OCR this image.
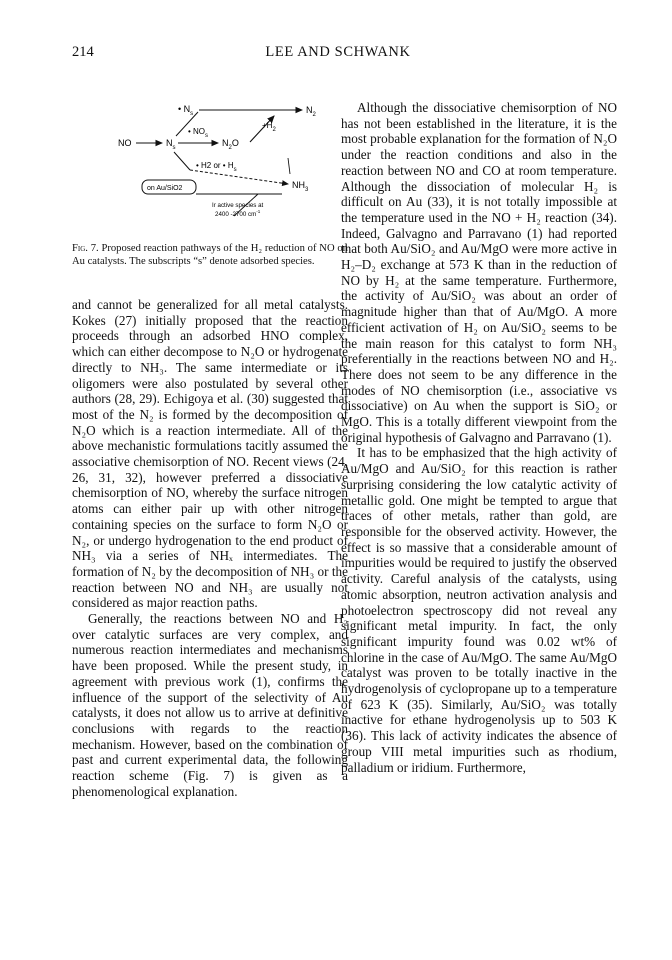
214	LEE AND SCHWANK
• $N_s$	$N_2$
NO	$N_s$
• $NO_s$
$N_2O$
$+H_2$
• H2 or • $H_s$
$NH_3$
on Au/SiO2
Ir active species at
2400 -2700 $cm^{-1}$
Fig. 7. Proposed reaction pathways of the H₂ reduction of NO on Au catalysts. The subscripts “s” denote adsorbed species.

and cannot be generalized for all metal catalysts. Kokes (27) initially proposed that the reaction proceeds through an adsorbed HNO complex, which can either decompose to N₂O or hydrogenate directly to NH₃. The same intermediate or its oligomers were also postulated by several other authors (28, 29). Echigoya et al. (30) suggested that most of the N₂ is formed by the decomposition of N₂O which is a reaction intermediate. All of the above mechanistic formulations tacitly assumed the associative chemisorption of NO. Recent views (24, 26, 31, 32), however preferred a dissociative chemisorption of NO, whereby the surface nitrogen atoms can either pair up with other nitrogen containing species on the surface to form N₂O or N₂, or undergo hydrogenation to the end product of NH₃ via a series of NHₓ intermediates. The formation of N₂ by the decomposition of NH₃ or the reaction between NO and NH₃ are usually not considered as major reaction paths.

Generally, the reactions between NO and H₂ over catalytic surfaces are very complex, and numerous reaction intermediates and mechanisms have been proposed. While the present study, in agreement with previous work (1), confirms the influence of the support of the selectivity of Au catalysts, it does not allow us to arrive at definitive conclusions with regards to the reaction mechanism. However, based on the combination of past and current experimental data, the following reaction scheme (Fig. 7) is given as a phenomenological explanation.

Although the dissociative chemisorption of NO has not been established in the literature, it is the most probable explanation for the formation of N₂O under the reaction conditions and also in the reaction between NO and CO at room temperature. Although the dissociation of molecular H₂ is difficult on Au (33), it is not totally impossible at the temperature used in the NO + H₂ reaction (34). Indeed, Galvagno and Parravano (1) had reported that both Au/SiO₂ and Au/MgO were more active in H₂–D₂ exchange at 573 K than in the reduction of NO by H₂ at the same temperature. Furthermore, the activity of Au/SiO₂ was about an order of magnitude higher than that of Au/MgO. A more efficient activation of H₂ on Au/SiO₂ seems to be the main reason for this catalyst to form NH₃ preferentially in the reactions between NO and H₂. There does not seem to be any difference in the modes of NO chemisorption (i.e., associative vs dissociative) on Au when the support is SiO₂ or MgO. This is a totally different viewpoint from the original hypothesis of Galvagno and Parravano (1).

It has to be emphasized that the high activity of Au/MgO and Au/SiO₂ for this reaction is rather surprising considering the low catalytic activity of metallic gold. One might be tempted to argue that traces of other metals, rather than gold, are responsible for the observed activity. However, the effect is so massive that a considerable amount of impurities would be required to justify the observed activity. Careful analysis of the catalysts, using atomic absorption, neutron activation analysis and photoelectron spectroscopy did not reveal any significant metal impurity. In fact, the only significant impurity found was 0.02 wt% of chlorine in the case of Au/MgO. The same Au/MgO catalyst was proven to be totally inactive in the hydrogenolysis of cyclopropane up to a temperature of 623 K (35). Similarly, Au/SiO₂ was totally inactive for ethane hydrogenolysis up to 503 K (36). This lack of activity indicates the absence of group VIII metal impurities such as rhodium, palladium or iridium. Furthermore,
